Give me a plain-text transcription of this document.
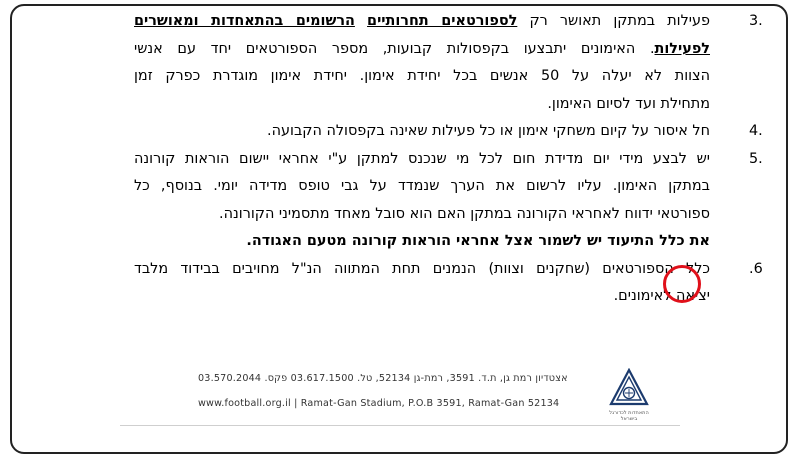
3.
פעילות במתקן תאושר רק לספורטאים תחרותיים הרשומים בהתאחדות ומאושרים
לפעילות. האימונים יתבצעו בקפסולות קבועות, מספר הספורטאים יחד עם אנשי
הצוות לא יעלה על 50 אנשים בכל יחידת אימון. יחידת אימון מוגדרת כפרק זמן
מתחילת ועד לסיום האימון.
4.
חל איסור על קיום משחקי אימון או כל פעילות שאינה בקפסולה הקבועה.
5.
יש לבצע מידי יום מדידת חום לכל מי שנכנס למתקן ע"י אחראי יישום הוראות קורונה
במתקן האימון. עליו לרשום את הערך שנמדד על גבי טופס מדידה יומי. בנוסף, כל
ספורטאי ידווח לאחראי הקורונה במתקן האם הוא סובל מאחד מתסמיני הקורונה.
את כלל התיעוד יש לשמור אצל אחראי הוראות קורונה מטעם האגודה.
.6
כלל הספורטאים (שחקנים וצוות) הנמנים תחת המתווה הנ"ל מחויבים בבידוד מלבד
יציאה לאימונים.
אצטדיון רמת גן, ת.ד. 3591, רמת-גן 52134, טל. 03.617.1500 פקס. 03.570.2044
www.football.org.il | Ramat-Gan Stadium, P.O.B 3591, Ramat-Gan 52134
התאחדות לכדורגל בישראל
